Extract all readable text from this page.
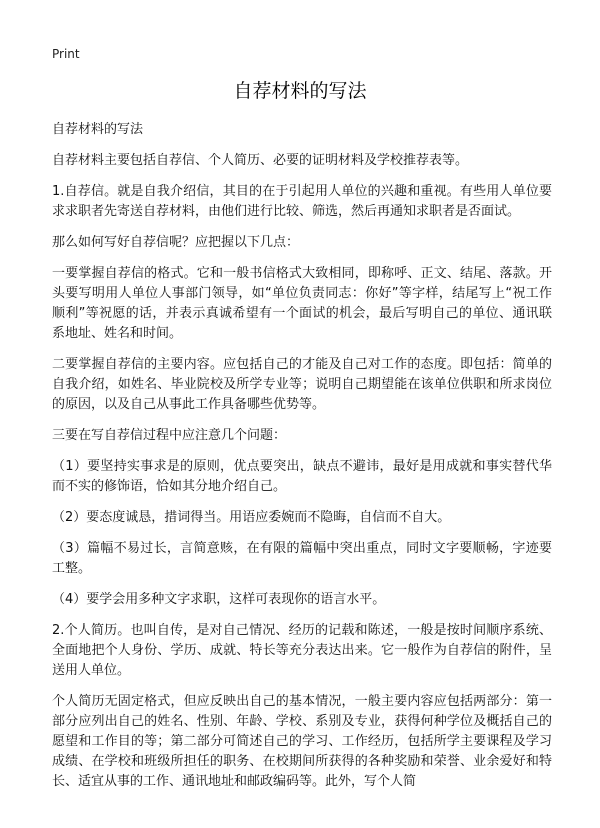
Print
自荐材料的写法

自荐材料的写法

自荐材料主要包括自荐信、个人简历、必要的证明材料及学校推荐表等。

1.自荐信。就是自我介绍信，其目的在于引起用人单位的兴趣和重视。有些用人单位要求求职者先寄送自荐材料，由他们进行比较、筛选，然后再通知求职者是否面试。

那么如何写好自荐信呢？应把握以下几点：

一要掌握自荐信的格式。它和一般书信格式大致相同，即称呼、正文、结尾、落款。开头要写明用人单位人事部门领导，如“单位负责同志：你好”等字样，结尾写上“祝工作顺利”等祝愿的话，并表示真诚希望有一个面试的机会，最后写明自己的单位、通讯联系地址、姓名和时间。

二要掌握自荐信的主要内容。应包括自己的才能及自己对工作的态度。即包括：简单的自我介绍，如姓名、毕业院校及所学专业等；说明自己期望能在该单位供职和所求岗位的原因，以及自己从事此工作具备哪些优势等。

三要在写自荐信过程中应注意几个问题：

（1）要坚持实事求是的原则，优点要突出，缺点不避讳，最好是用成就和事实替代华而不实的修饰语，恰如其分地介绍自己。

（2）要态度诚恳，措词得当。用语应委婉而不隐晦，自信而不自大。

（3）篇幅不易过长，言简意赅，在有限的篇幅中突出重点，同时文字要顺畅，字迹要工整。

（4）要学会用多种文字求职，这样可表现你的语言水平。

2.个人简历。也叫自传，是对自己情况、经历的记载和陈述，一般是按时间顺序系统、全面地把个人身份、学历、成就、特长等充分表达出来。它一般作为自荐信的附件，呈送用人单位。

个人简历无固定格式，但应反映出自己的基本情况，一般主要内容应包括两部分：第一部分应列出自己的姓名、性别、年龄、学校、系别及专业，获得何种学位及概括自己的愿望和工作目的等；第二部分可简述自己的学习、工作经历，包括所学主要课程及学习成绩、在学校和班级所担任的职务、在校期间所获得的各种奖励和荣誉、业余爱好和特长、适宜从事的工作、通讯地址和邮政编码等。此外，写个人简
